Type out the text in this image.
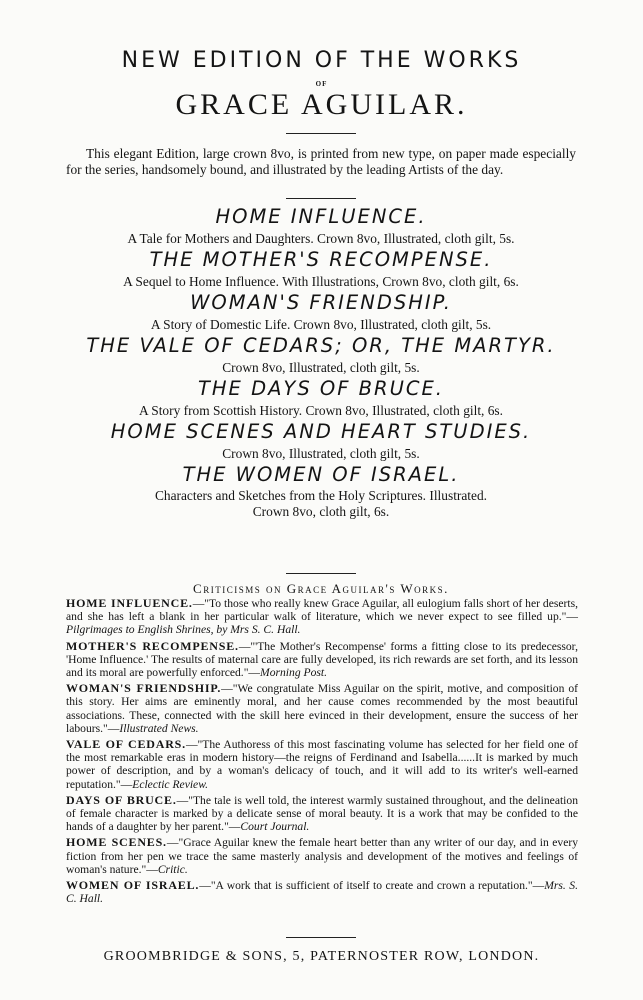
NEW EDITION OF THE WORKS
OF
GRACE AGUILAR.
This elegant Edition, large crown 8vo, is printed from new type, on paper made especially for the series, handsomely bound, and illustrated by the leading Artists of the day.
HOME INFLUENCE.
A Tale for Mothers and Daughters. Crown 8vo, Illustrated, cloth gilt, 5s.
THE MOTHER'S RECOMPENSE.
A Sequel to Home Influence. With Illustrations, Crown 8vo, cloth gilt, 6s.
WOMAN'S FRIENDSHIP.
A Story of Domestic Life. Crown 8vo, Illustrated, cloth gilt, 5s.
THE VALE OF CEDARS; OR, THE MARTYR.
Crown 8vo, Illustrated, cloth gilt, 5s.
THE DAYS OF BRUCE.
A Story from Scottish History. Crown 8vo, Illustrated, cloth gilt, 6s.
HOME SCENES AND HEART STUDIES.
Crown 8vo, Illustrated, cloth gilt, 5s.
THE WOMEN OF ISRAEL.
Characters and Sketches from the Holy Scriptures. Illustrated.
Crown 8vo, cloth gilt, 6s.
Criticisms on Grace Aguilar's Works.
HOME INFLUENCE.—"To those who really knew Grace Aguilar, all eulogium falls short of her deserts, and she has left a blank in her particular walk of literature, which we never expect to see filled up."—Pilgrimages to English Shrines, by Mrs S. C. Hall.
MOTHER'S RECOMPENSE.—"'The Mother's Recompense' forms a fitting close to its predecessor, 'Home Influence.' The results of maternal care are fully developed, its rich rewards are set forth, and its lesson and its moral are powerfully enforced."—Morning Post.
WOMAN'S FRIENDSHIP.—"We congratulate Miss Aguilar on the spirit, motive, and composition of this story. Her aims are eminently moral, and her cause comes recommended by the most beautiful associations. These, connected with the skill here evinced in their development, ensure the success of her labours."—Illustrated News.
VALE OF CEDARS.—"The Authoress of this most fascinating volume has selected for her field one of the most remarkable eras in modern history—the reigns of Ferdinand and Isabella......It is marked by much power of description, and by a woman's delicacy of touch, and it will add to its writer's well-earned reputation."—Eclectic Review.
DAYS OF BRUCE.—"The tale is well told, the interest warmly sustained throughout, and the delineation of female character is marked by a delicate sense of moral beauty. It is a work that may be confided to the hands of a daughter by her parent."—Court Journal.
HOME SCENES.—"Grace Aguilar knew the female heart better than any writer of our day, and in every fiction from her pen we trace the same masterly analysis and development of the motives and feelings of woman's nature."—Critic.
WOMEN OF ISRAEL.—"A work that is sufficient of itself to create and crown a reputation."—Mrs. S. C. Hall.
GROOMBRIDGE & SONS, 5, PATERNOSTER ROW, LONDON.
